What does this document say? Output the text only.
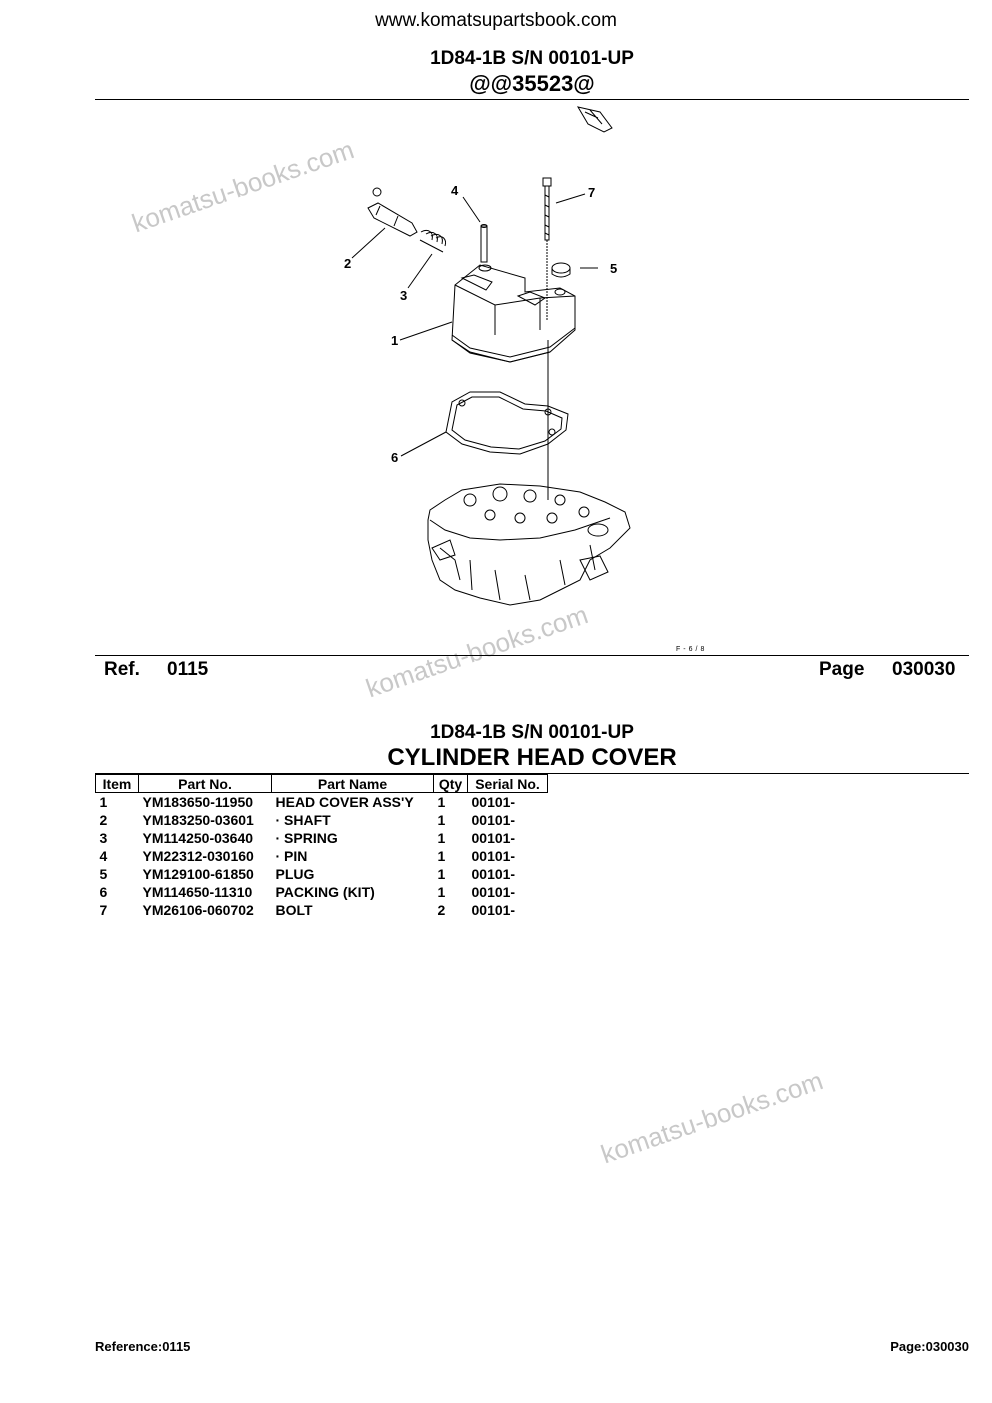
www.komatsupartsbook.com
1D84-1B S/N 00101-UP
@@35523@
4	7
2	5
3
1
6
komatsu-books.com
komatsu-books.com
komatsu-books.com
F-6/8
Ref. 0115	Page 030030
1D84-1B S/N 00101-UP
CYLINDER HEAD COVER
Item	Part No.	Part Name	Qty	Serial No.
1	YM183650-11950	HEAD COVER ASS'Y	1	00101-
2	YM183250-03601	· SHAFT	1	00101-
3	YM114250-03640	· SPRING	1	00101-
4	YM22312-030160	· PIN	1	00101-
5	YM129100-61850	PLUG	1	00101-
6	YM114650-11310	PACKING (KIT)	1	00101-
7	YM26106-060702	BOLT	2	00101-
Reference:0115	Page:030030
